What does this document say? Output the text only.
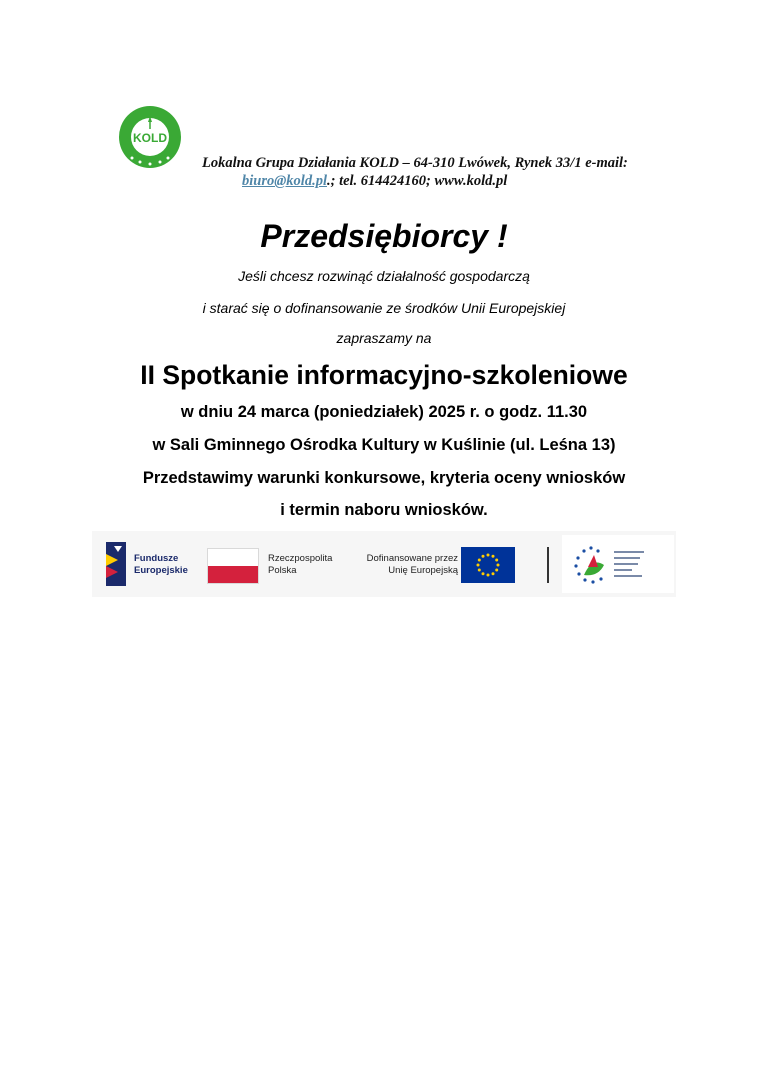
KOLD
Lokalna Grupa Działania KOLD – 64-310 Lwówek, Rynek 33/1 e-mail:
biuro@kold.pl.; tel. 614424160; www.kold.pl
Przedsiębiorcy !
Jeśli chcesz rozwinąć działalność gospodarczą
i starać się o dofinansowanie ze środków Unii Europejskiej
zapraszamy na
II Spotkanie informacyjno-szkoleniowe
w dniu 24 marca (poniedziałek) 2025 r. o godz. 11.30
w Sali Gminnego Ośrodka Kultury w Kuślinie (ul. Leśna 13)
Przedstawimy warunki konkursowe, kryteria oceny wniosków
i termin naboru wniosków.
Fundusze
Europejskie
Rzeczpospolita
Polska
Dofinansowane przez
Unię Europejską
